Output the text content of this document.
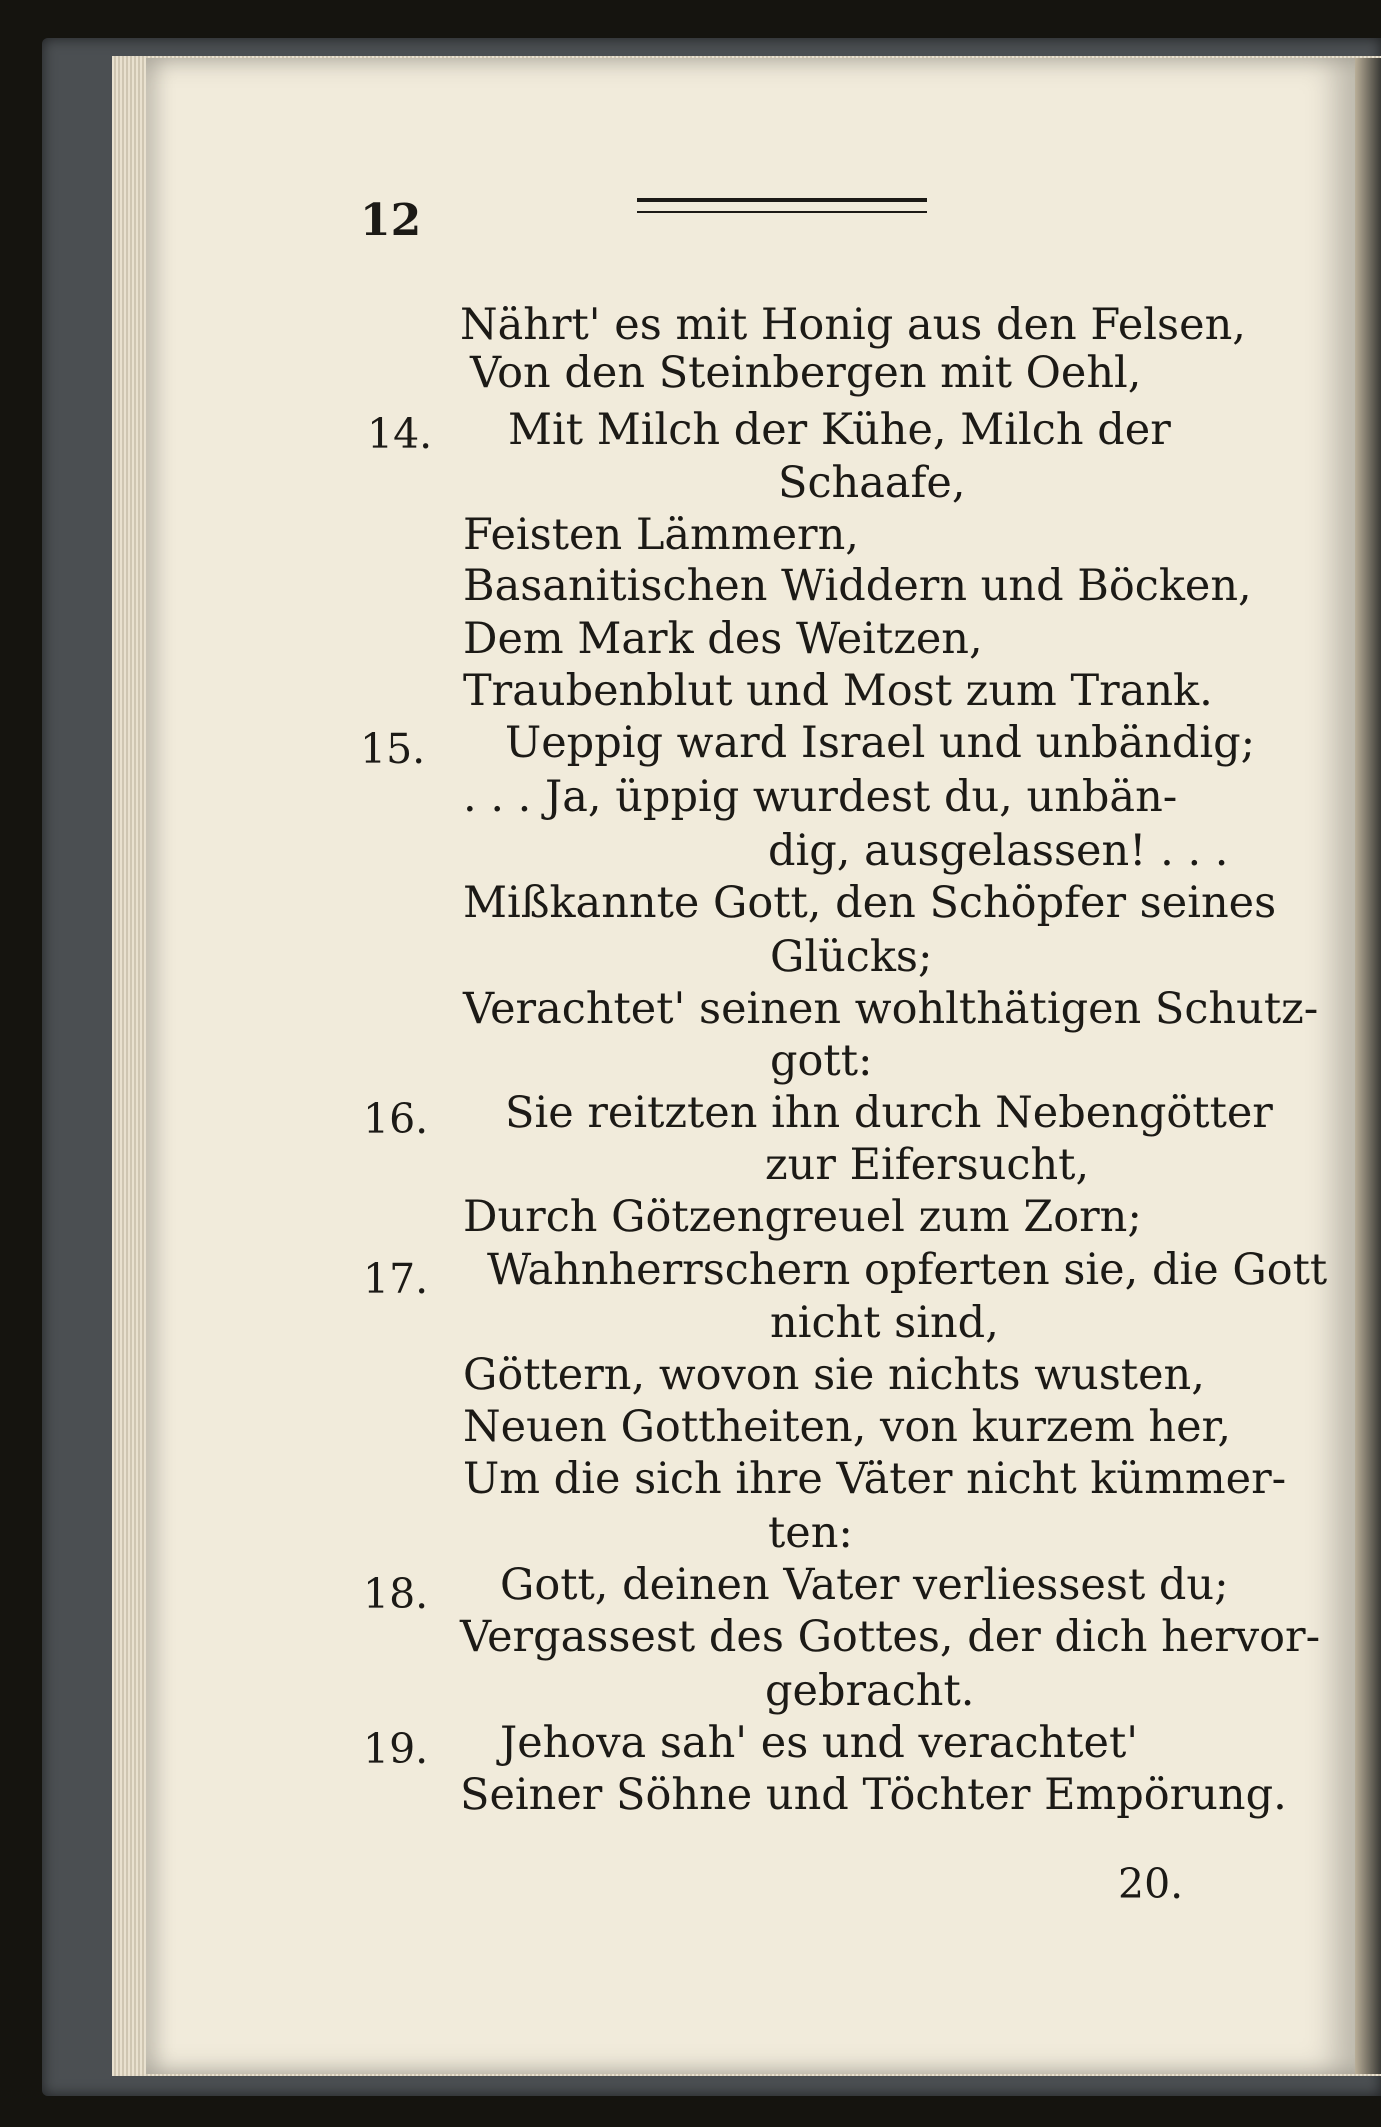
12
Nährt' es mit Honig aus den Felsen,
Von den Steinbergen mit Oehl,
14. Mit Milch der Kühe, Milch der
Schaafe,
Feisten Lämmern,
Basanitischen Widdern und Böcken,
Dem Mark des Weitzen,
Traubenblut und Most zum Trank.
15. Ueppig ward Israel und unbändig;
. . . Ja, üppig wurdest du, unbän-
dig, ausgelassen! . . .
Mißkannte Gott, den Schöpfer seines
Glücks;
Verachtet' seinen wohlthätigen Schutz-
gott:
16. Sie reitzten ihn durch Nebengötter
zur Eifersucht,
Durch Götzengreuel zum Zorn;
17. Wahnherrschern opferten sie, die Gott
nicht sind,
Göttern, wovon sie nichts wusten,
Neuen Gottheiten, von kurzem her,
Um die sich ihre Väter nicht kümmer-
ten:
18. Gott, deinen Vater verliessest du;
Vergassest des Gottes, der dich hervor-
gebracht.
19. Jehova sah' es und verachtet'
Seiner Söhne und Töchter Empörung.
20.
